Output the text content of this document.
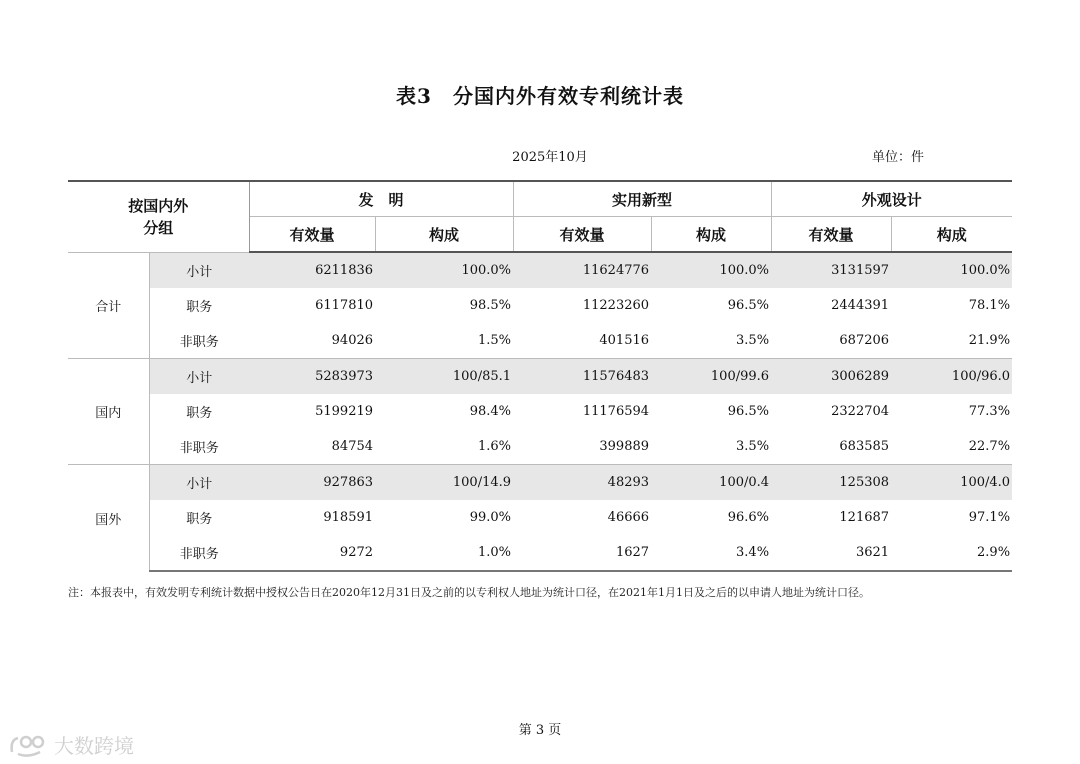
表3　分国内外有效专利统计表
2025年10月	单位：件
按国内外
分组		发　明		实用新型		外观设计	
		有效量	构成	有效量	构成	有效量	构成
合计	小计	6211836	100.0%	11624776	100.0%	3131597	100.0%
	职务	6117810	98.5%	11223260	96.5%	2444391	78.1%
	非职务	94026	1.5%	401516	3.5%	687206	21.9%
国内	小计	5283973	100/85.1	11576483	100/99.6	3006289	100/96.0
	职务	5199219	98.4%	11176594	96.5%	2322704	77.3%
	非职务	84754	1.6%	399889	3.5%	683585	22.7%
国外	小计	927863	100/14.9	48293	100/0.4	125308	100/4.0
	职务	918591	99.0%	46666	96.6%	121687	97.1%
	非职务	9272	1.0%	1627	3.4%	3621	2.9%
注：本报表中，有效发明专利统计数据中授权公告日在2020年12月31日及之前的以专利权人地址为统计口径，在2021年1月1日及之后的以申请人地址为统计口径。
第 3 页
大数跨境
